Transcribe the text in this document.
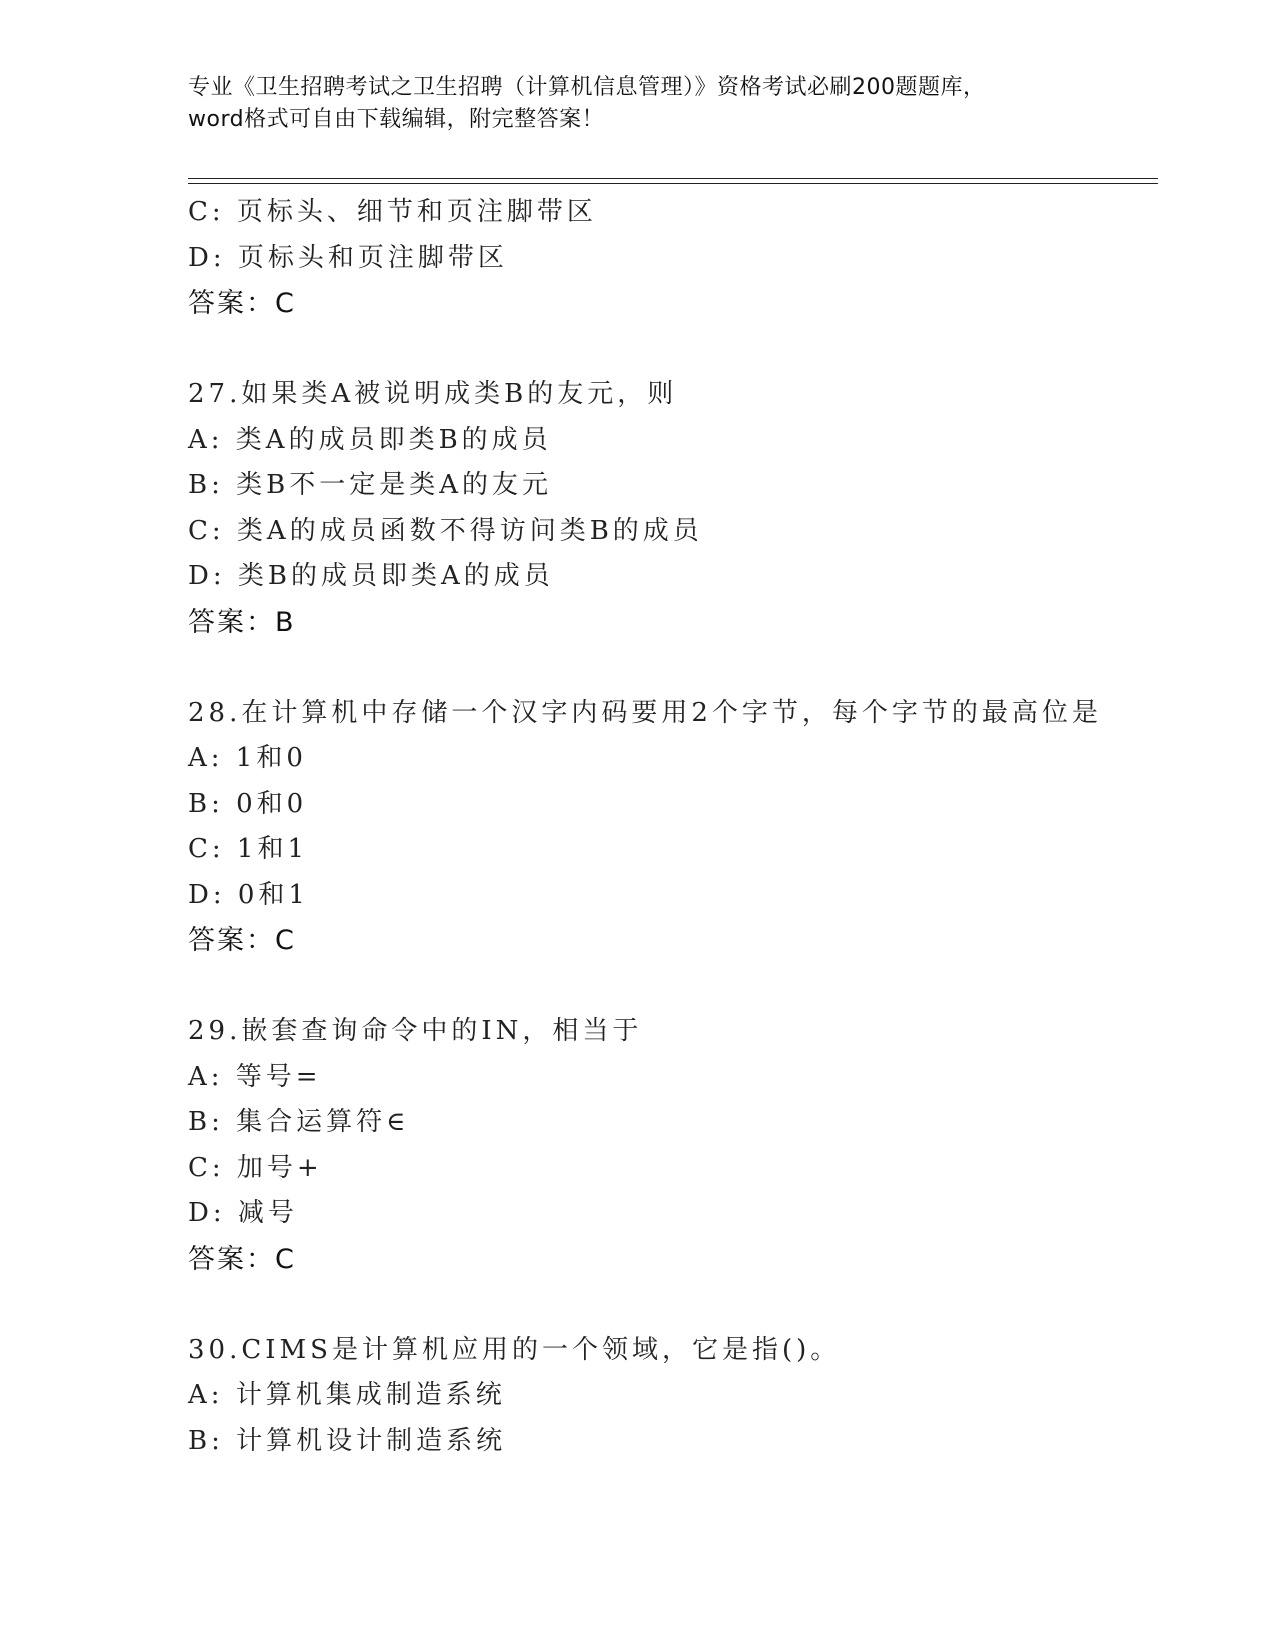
专业《卫生招聘考试之卫生招聘（计算机信息管理）》资格考试必刷200题题库，
word格式可自由下载编辑，附完整答案！
C: 页标头、细节和页注脚带区
D: 页标头和页注脚带区
答案：C
27.如果类A被说明成类B的友元，则
A: 类A的成员即类B的成员
B: 类B不一定是类A的友元
C: 类A的成员函数不得访问类B的成员
D: 类B的成员即类A的成员
答案：B
28.在计算机中存储一个汉字内码要用2个字节，每个字节的最高位是
A: 1和0
B: 0和0
C: 1和1
D: 0和1
答案：C
29.嵌套查询命令中的IN，相当于
A: 等号=
B: 集合运算符∈
C: 加号+
D: 减号
答案：C
30.CIMS是计算机应用的一个领域，它是指()。
A: 计算机集成制造系统
B: 计算机设计制造系统
